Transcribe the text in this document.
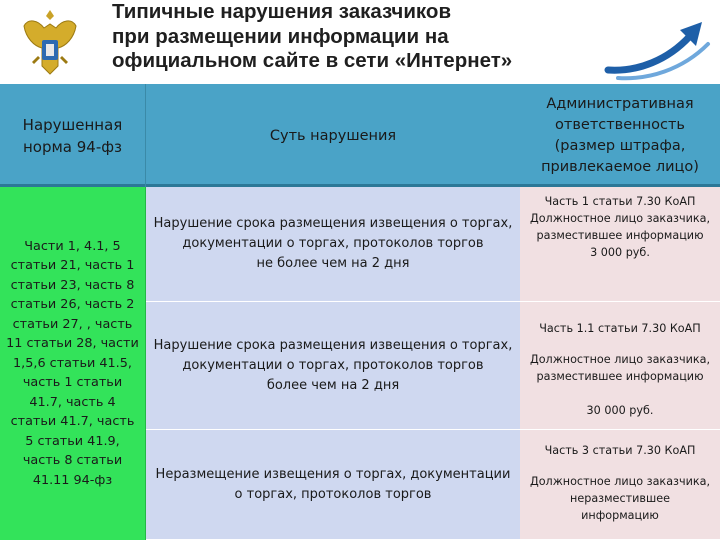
Типичные нарушения заказчиков
при размещении информации на
официальном сайте в сети «Интернет»
Нарушенная
норма 94-фз
Суть нарушения
Административная
ответственность
(размер штрафа,
привлекаемое лицо)
Части 1, 4.1, 5
статьи 21, часть 1
статьи 23, часть 8
статьи 26, часть 2
статьи 27, , часть
11 статьи 28, части
1,5,6 статьи 41.5,
часть 1 статьи
41.7, часть 4
статьи 41.7, часть
5 статьи 41.9,
часть 8 статьи
41.11 94-фз
Нарушение срока размещения извещения о торгах,
документации о торгах, протоколов торгов
не более чем на 2 дня
Нарушение срока размещения извещения о торгах,
документации о торгах, протоколов торгов
более чем на 2 дня
Неразмещение извещения о торгах, документации
о торгах, протоколов торгов
Часть 1 статьи 7.30 КоАП
Должностное лицо заказчика,
разместившее информацию
3 000 руб.
Часть 1.1 статьи 7.30 КоАП
Должностное лицо заказчика,
разместившее информацию

30 000 руб.
Часть 3 статьи 7.30 КоАП
Должностное лицо заказчика,
неразместившее
информацию
